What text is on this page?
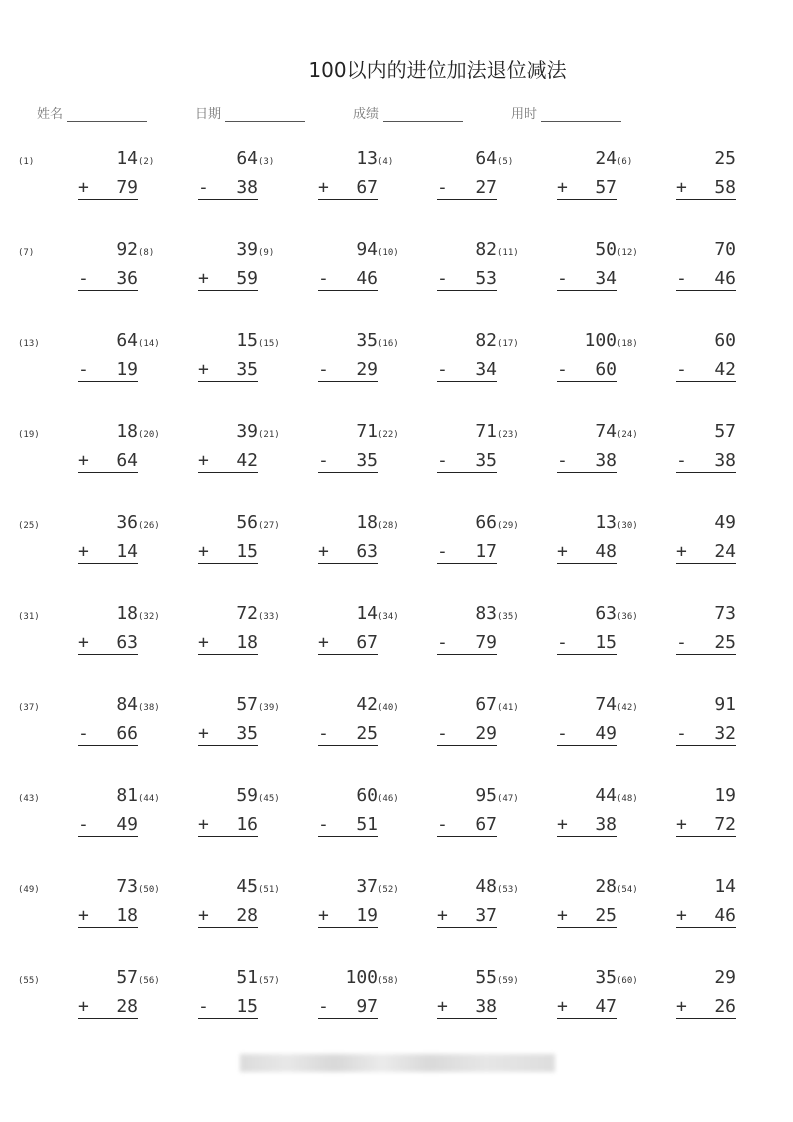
100以内的进位加法退位减法
姓名	日期	成绩	用时
(1)	14
+ 79
(2)	64
- 38
(3)	13
+ 67
(4)	64
- 27
(5)	24
+ 57
(6)	25
+ 58
(7)	92
- 36
(8)	39
+ 59
(9)	94
- 46
(10)	82
- 53
(11)	50
- 34
(12)	70
- 46
(13)	64
- 19
(14)	15
+ 35
(15)	35
- 29
(16)	82
- 34
(17)	100
- 60
(18)	60
- 42
(19)	18
+ 64
(20)	39
+ 42
(21)	71
- 35
(22)	71
- 35
(23)	74
- 38
(24)	57
- 38
(25)	36
+ 14
(26)	56
+ 15
(27)	18
+ 63
(28)	66
- 17
(29)	13
+ 48
(30)	49
+ 24
(31)	18
+ 63
(32)	72
+ 18
(33)	14
+ 67
(34)	83
- 79
(35)	63
- 15
(36)	73
- 25
(37)	84
- 66
(38)	57
+ 35
(39)	42
- 25
(40)	67
- 29
(41)	74
- 49
(42)	91
- 32
(43)	81
- 49
(44)	59
+ 16
(45)	60
- 51
(46)	95
- 67
(47)	44
+ 38
(48)	19
+ 72
(49)	73
+ 18
(50)	45
+ 28
(51)	37
+ 19
(52)	48
+ 37
(53)	28
+ 25
(54)	14
+ 46
(55)	57
+ 28
(56)	51
- 15
(57)	100
- 97
(58)	55
+ 38
(59)	35
+ 47
(60)	29
+ 26
